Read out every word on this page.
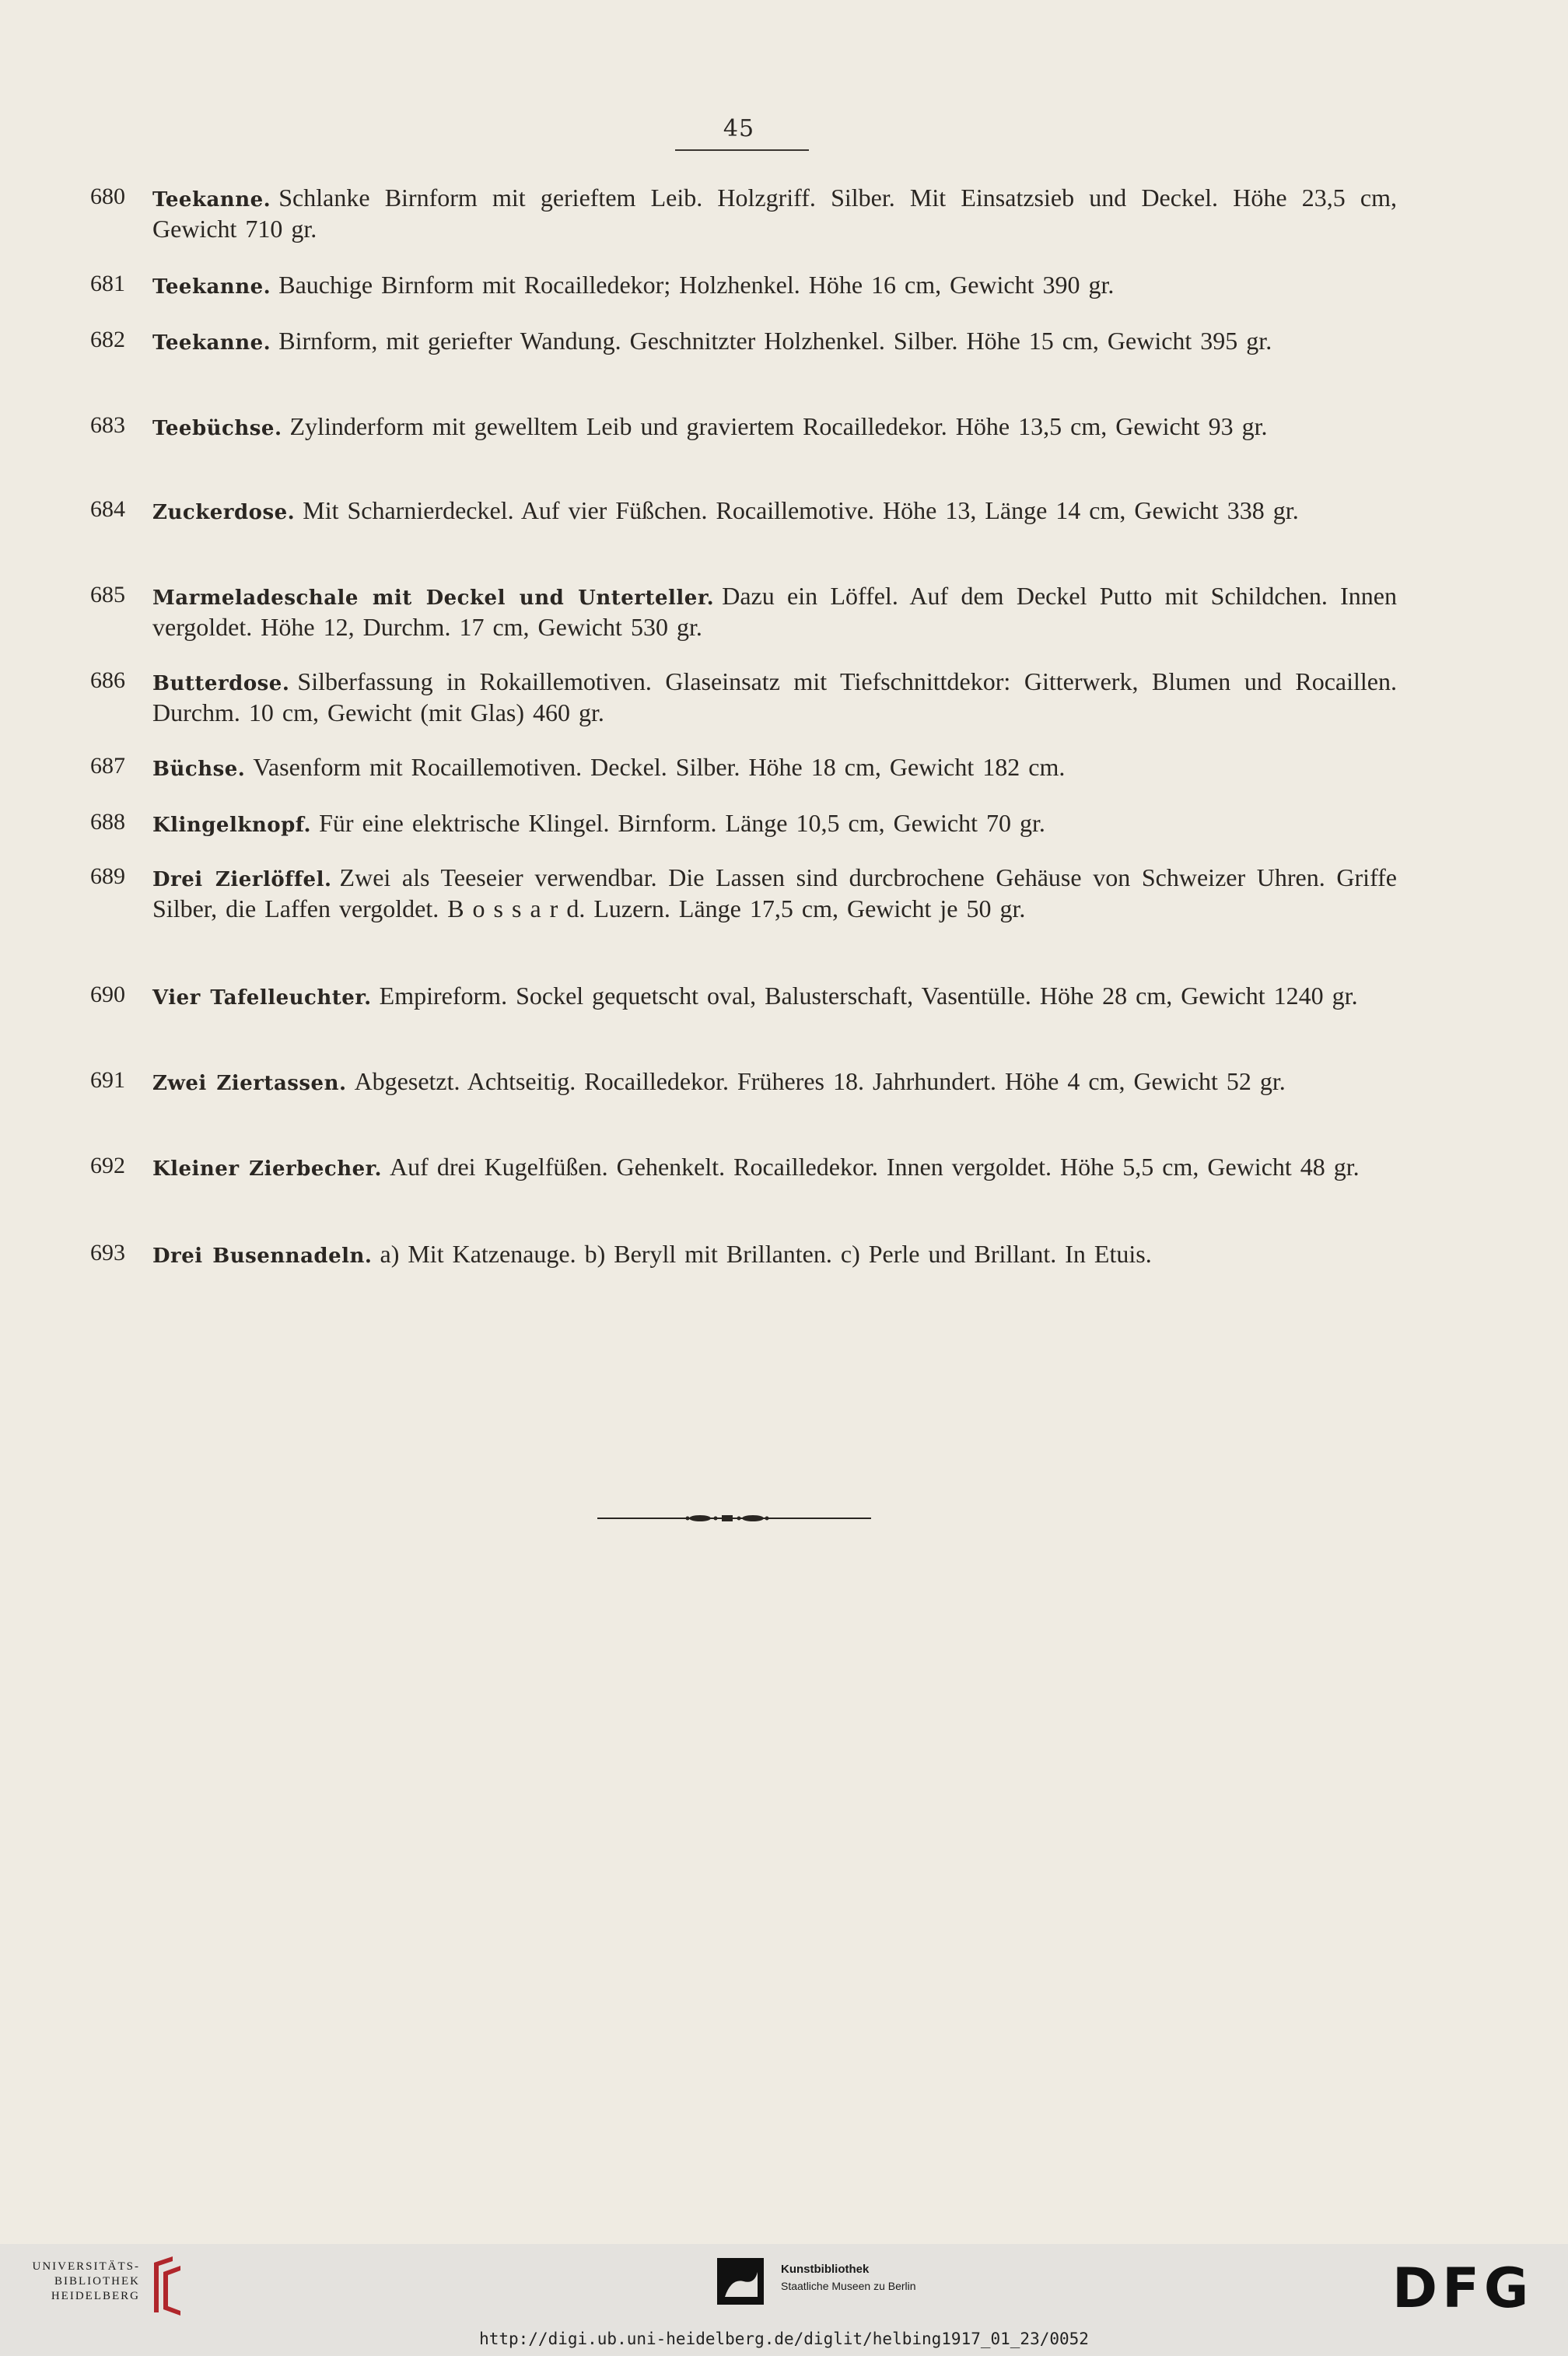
45
680	Teekanne. Schlanke Birnform mit gerieftem Leib. Holzgriff. Silber. Mit Einsatzsieb und Deckel. Höhe 23,5 cm, Gewicht 710 gr.
681	Teekanne. Bauchige Birnform mit Rocailledekor; Holzhenkel. Höhe 16 cm, Gewicht 390 gr.
682	Teekanne. Birnform, mit geriefter Wandung. Geschnitzter Holzhenkel. Silber. Höhe 15 cm, Gewicht 395 gr.
683	Teebüchse. Zylinderform mit gewelltem Leib und graviertem Rocailledekor. Höhe 13,5 cm, Gewicht 93 gr.
684	Zuckerdose. Mit Scharnierdeckel. Auf vier Füßchen. Rocaillemotive. Höhe 13, Länge 14 cm, Gewicht 338 gr.
685	Marmeladeschale mit Deckel und Unterteller. Dazu ein Löffel. Auf dem Deckel Putto mit Schildchen. Innen vergoldet. Höhe 12, Durchm. 17 cm, Gewicht 530 gr.
686	Butterdose. Silberfassung in Rokaillemotiven. Glaseinsatz mit Tiefschnittdekor: Gitterwerk, Blumen und Rocaillen. Durchm. 10 cm, Gewicht (mit Glas) 460 gr.
687	Büchse. Vasenform mit Rocaillemotiven. Deckel. Silber. Höhe 18 cm, Gewicht 182 cm.
688	Klingelknopf. Für eine elektrische Klingel. Birnform. Länge 10,5 cm, Gewicht 70 gr.
689	Drei Zierlöffel. Zwei als Teeseier verwendbar. Die Lassen sind durcbrochene Gehäuse von Schweizer Uhren. Griffe Silber, die Laffen vergoldet. B o s s a r d. Luzern. Länge 17,5 cm, Gewicht je 50 gr.
690	Vier Tafelleuchter. Empireform. Sockel gequetscht oval, Balusterschaft, Vasentülle. Höhe 28 cm, Gewicht 1240 gr.
691	Zwei Ziertassen. Abgesetzt. Achtseitig. Rocailledekor. Früheres 18. Jahrhundert. Höhe 4 cm, Gewicht 52 gr.
692	Kleiner Zierbecher. Auf drei Kugelfüßen. Gehenkelt. Rocailledekor. Innen vergoldet. Höhe 5,5 cm, Gewicht 48 gr.
693	Drei Busennadeln. a) Mit Katzenauge. b) Beryll mit Brillanten. c) Perle und Brillant. In Etuis.
UNIVERSITÄTS-
BIBLIOTHEK
HEIDELBERG
Kunstbibliothek
Staatliche Museen zu Berlin	DFG
http://digi.ub.uni-heidelberg.de/diglit/helbing1917_01_23/0052
